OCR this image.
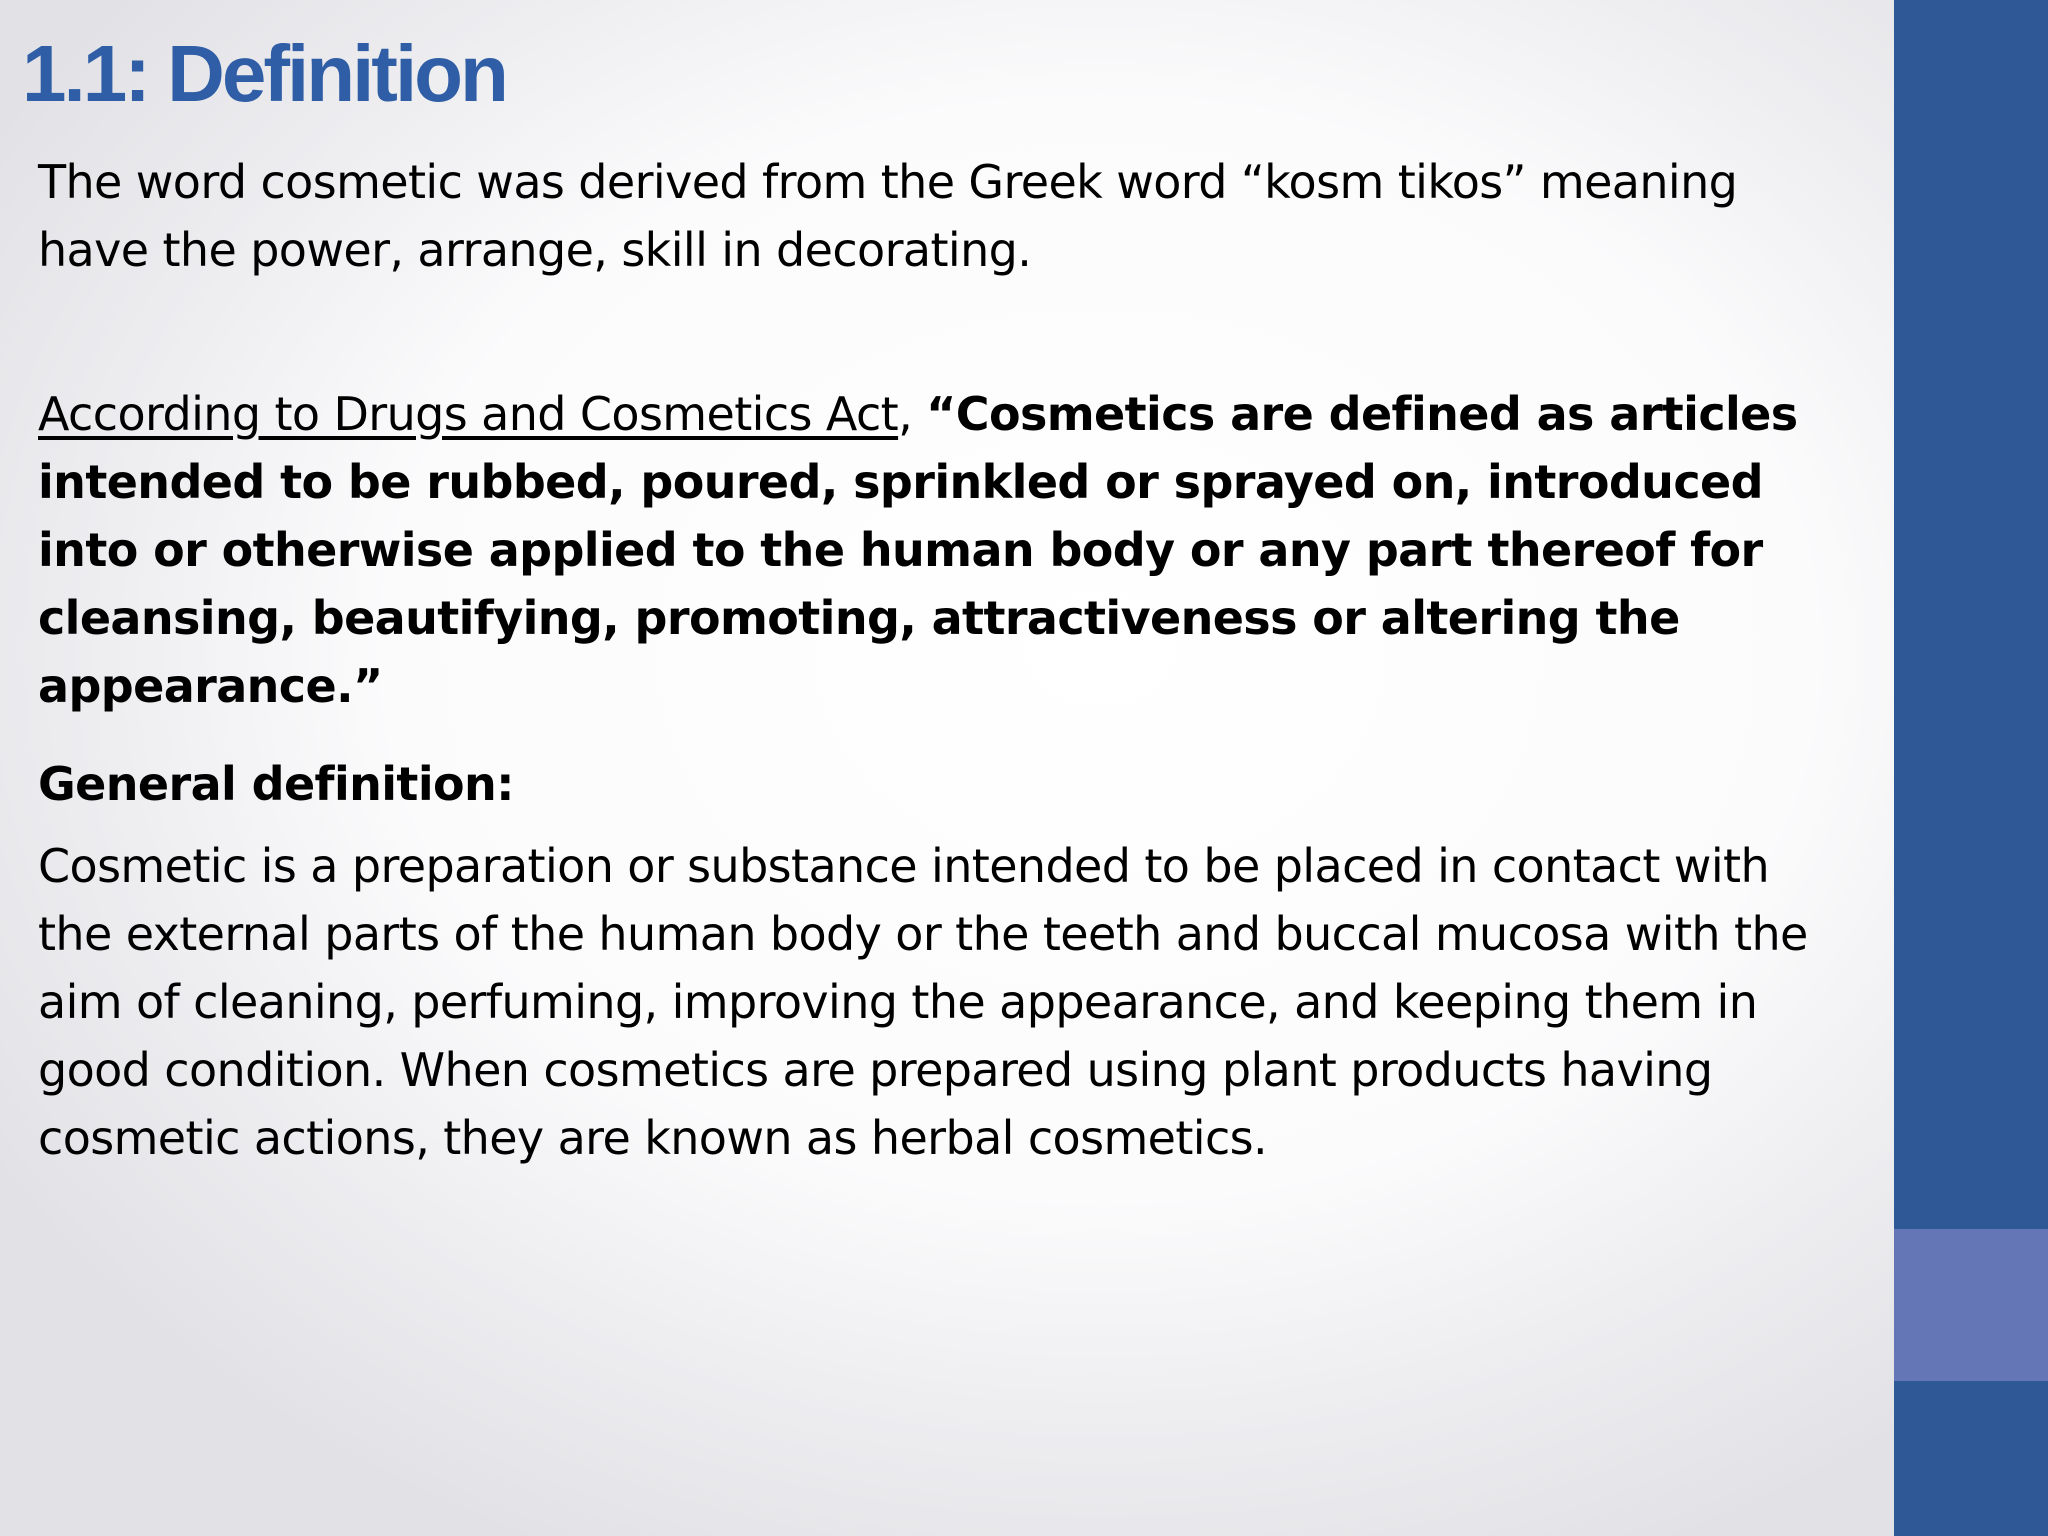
1.1: Definition

The word cosmetic was derived from the Greek word “kosm tikos” meaning have the power, arrange, skill in decorating.

According to Drugs and Cosmetics Act, “Cosmetics are defined as articles intended to be rubbed, poured, sprinkled or sprayed on, introduced into or otherwise applied to the human body or any part thereof for cleansing, beautifying, promoting, attractiveness or altering the appearance.”

General definition:

Cosmetic is a preparation or substance intended to be placed in contact with the external parts of the human body or the teeth and buccal mucosa with the aim of cleaning, perfuming, improving the appearance, and keeping them in good condition. When cosmetics are prepared using plant products having cosmetic actions, they are known as herbal cosmetics.
